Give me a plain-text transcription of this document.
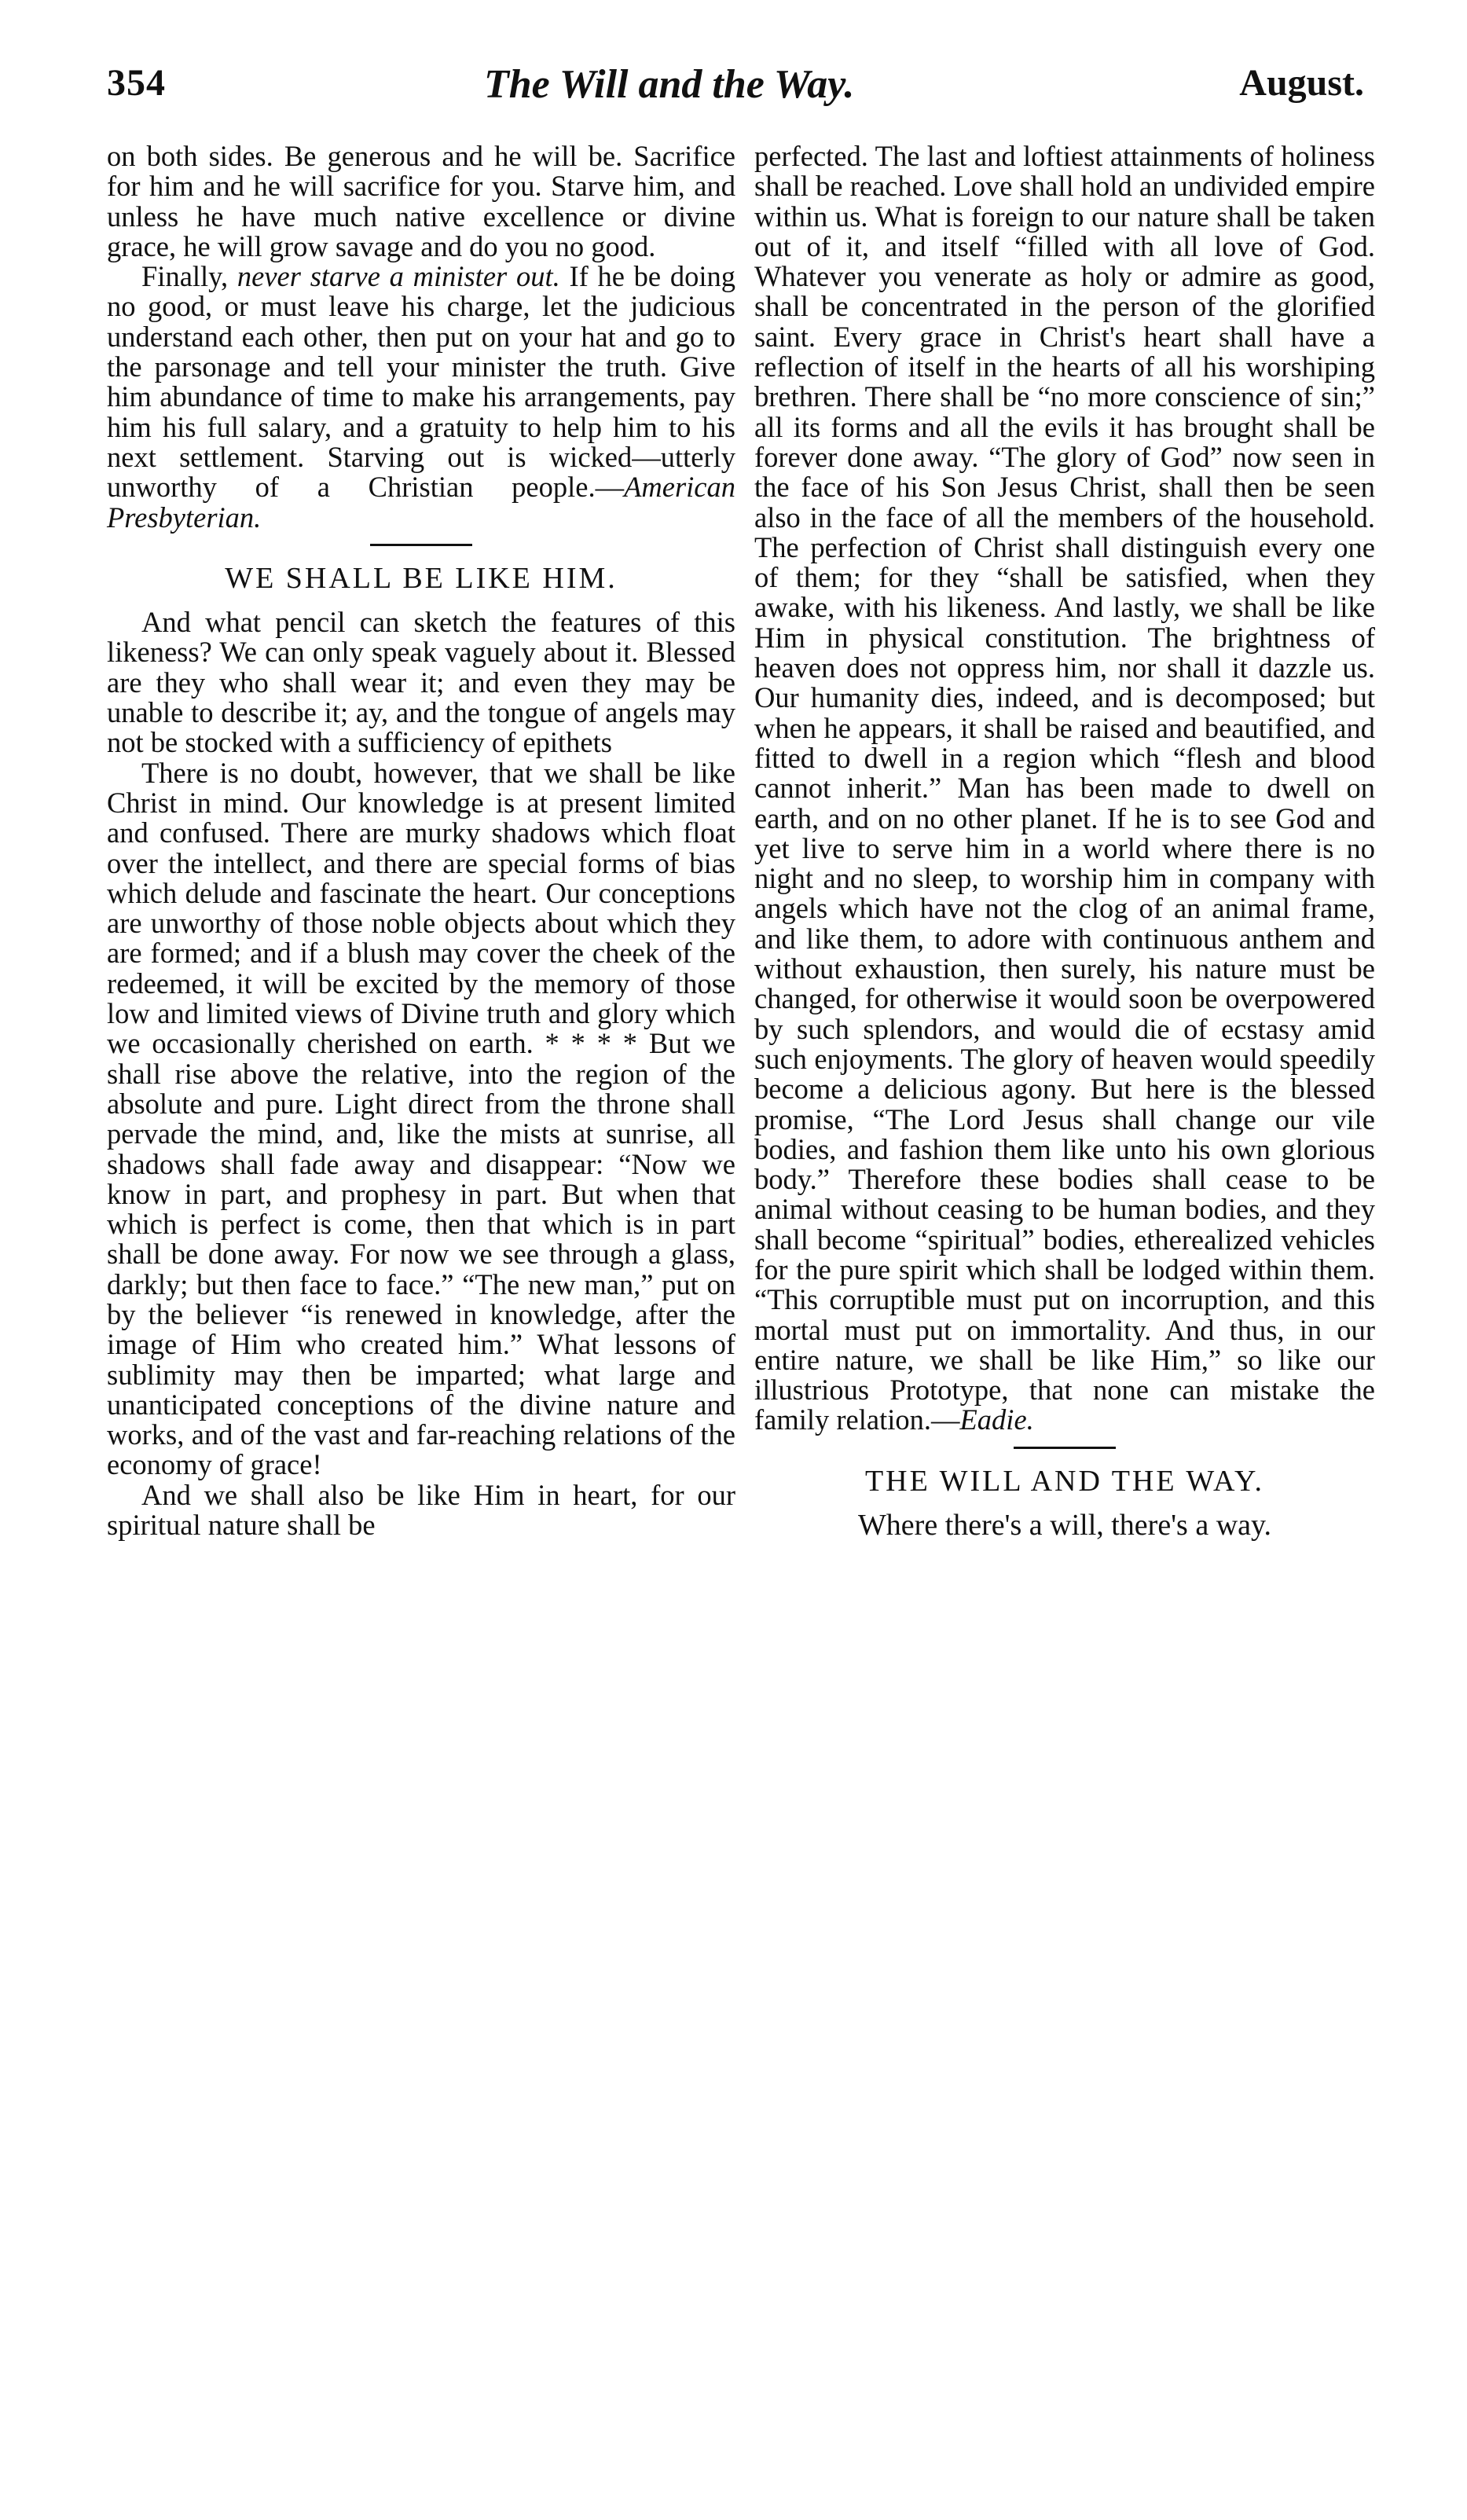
354	The Will and the Way.	August.

on both sides. Be generous and he will be. Sacrifice for him and he will sacrifice for you. Starve him, and unless he have much native excellence or divine grace, he will grow savage and do you no good.

Finally, never starve a minister out. If he be doing no good, or must leave his charge, let the judicious understand each other, then put on your hat and go to the parsonage and tell your minister the truth. Give him abundance of time to make his arrangements, pay him his full salary, and a gratuity to help him to his next settlement. Starving out is wicked—utterly unworthy of a Christian people.—American Presbyterian.

WE SHALL BE LIKE HIM.

And what pencil can sketch the features of this likeness? We can only speak vaguely about it. Blessed are they who shall wear it; and even they may be unable to describe it; ay, and the tongue of angels may not be stocked with a sufficiency of epithets

There is no doubt, however, that we shall be like Christ in mind. Our knowledge is at present limited and confused. There are murky shadows which float over the intellect, and there are special forms of bias which delude and fascinate the heart. Our conceptions are unworthy of those noble objects about which they are formed; and if a blush may cover the cheek of the redeemed, it will be excited by the memory of those low and limited views of Divine truth and glory which we occasionally cherished on earth. * * * * But we shall rise above the relative, into the region of the absolute and pure. Light direct from the throne shall pervade the mind, and, like the mists at sunrise, all shadows shall fade away and disappear: “Now we know in part, and prophesy in part. But when that which is perfect is come, then that which is in part shall be done away. For now we see through a glass, darkly; but then face to face.” “The new man,” put on by the believer “is renewed in knowledge, after the image of Him who created him.” What lessons of sublimity may then be imparted; what large and unanticipated conceptions of the divine nature and works, and of the vast and far-reaching relations of the economy of grace!

And we shall also be like Him in heart, for our spiritual nature shall be

perfected. The last and loftiest attainments of holiness shall be reached. Love shall hold an undivided empire within us. What is foreign to our nature shall be taken out of it, and itself “filled with all love of God. Whatever you venerate as holy or admire as good, shall be concentrated in the person of the glorified saint. Every grace in Christ's heart shall have a reflection of itself in the hearts of all his worshiping brethren. There shall be “no more conscience of sin;” all its forms and all the evils it has brought shall be forever done away. “The glory of God” now seen in the face of his Son Jesus Christ, shall then be seen also in the face of all the members of the household. The perfection of Christ shall distinguish every one of them; for they “shall be satisfied, when they awake, with his likeness. And lastly, we shall be like Him in physical constitution. The brightness of heaven does not oppress him, nor shall it dazzle us. Our humanity dies, indeed, and is decomposed; but when he appears, it shall be raised and beautified, and fitted to dwell in a region which “flesh and blood cannot inherit.” Man has been made to dwell on earth, and on no other planet. If he is to see God and yet live to serve him in a world where there is no night and no sleep, to worship him in company with angels which have not the clog of an animal frame, and like them, to adore with continuous anthem and without exhaustion, then surely, his nature must be changed, for otherwise it would soon be overpowered by such splendors, and would die of ecstasy amid such enjoyments. The glory of heaven would speedily become a delicious agony. But here is the blessed promise, “The Lord Jesus shall change our vile bodies, and fashion them like unto his own glorious body.” Therefore these bodies shall cease to be animal without ceasing to be human bodies, and they shall become “spiritual” bodies, etherealized vehicles for the pure spirit which shall be lodged within them. “This corruptible must put on incorruption, and this mortal must put on immortality. And thus, in our entire nature, we shall be like Him,” so like our illustrious Prototype, that none can mistake the family relation.—Eadie.

THE WILL AND THE WAY.
Where there's a will, there's a way.
